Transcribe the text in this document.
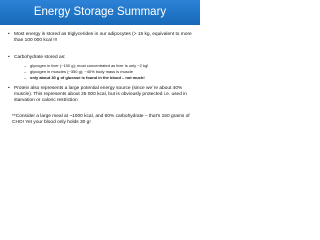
Energy Storage Summary
• Most energy is stored as triglycerides in our adipocytes (> 15 kg, equivalent to more than 100 000 kcal !!!
• Carbohydrate stored as:
– glycogen in liver (~150 g); most concentrated as liver is only ~2 kg!
– glycogen in muscles (~350 g); ~40% body mass is muscle
– only about 30 g of glucose is found in the blood – not much!
• Protein also represents a large potential energy source (since we´re about 40% muscle). This represents about 25 000 kcal, but is obviously protected i.e. used in starvation or caloric restriction
**Consider a large meal at ~1000 kcal, and 60% carbohydrate – that’s 150 grams of CHO! Yet your blood only holds 30 g!
